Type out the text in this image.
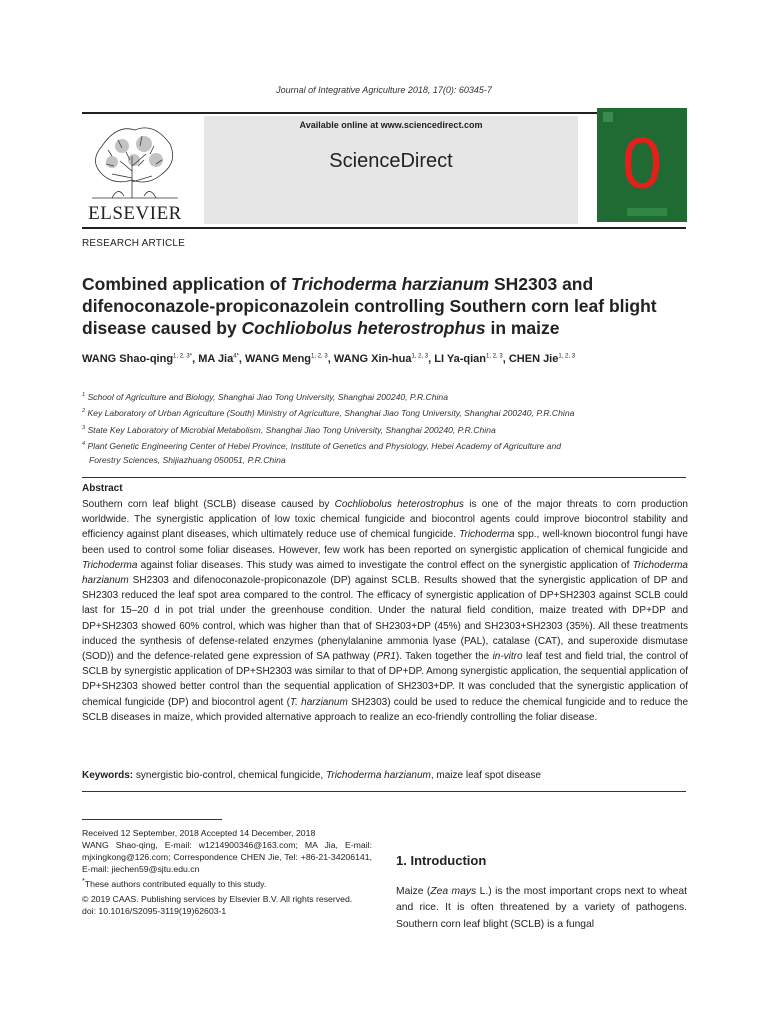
Journal of Integrative Agriculture 2018, 17(0): 60345-7
ELSEVIER
Available online at www.sciencedirect.com
ScienceDirect	0
RESEARCH ARTICLE
Combined application of Trichoderma harzianum SH2303 and difenoconazole-propiconazolein controlling Southern corn leaf blight disease caused by Cochliobolus heterostrophus in maize
WANG Shao-qing$^{1, 2, 3*}$, MA Jia$^{4*}$, WANG Meng$^{1, 2, 3}$, WANG Xin-hua$^{1, 2, 3}$, LI Ya-qian$^{1, 2, 3}$, CHEN Jie$^{1, 2, 3}$
$^1$ School of Agriculture and Biology, Shanghai Jiao Tong University, Shanghai 200240, P.R.China
$^2$ Key Laboratory of Urban Agriculture (South) Ministry of Agriculture, Shanghai Jiao Tong University, Shanghai 200240, P.R.China
$^3$ State Key Laboratory of Microbial Metabolism, Shanghai Jiao Tong University, Shanghai 200240, P.R.China
$^4$ Plant Genetic Engineering Center of Hebei Province, Institute of Genetics and Physiology, Hebei Academy of Agriculture and
Forestry Sciences, Shijiazhuang 050051, P.R.China
Abstract
Southern corn leaf blight (SCLB) disease caused by Cochliobolus heterostrophus is one of the major threats to corn production worldwide. The synergistic application of low toxic chemical fungicide and biocontrol agents could improve biocontrol stability and efficiency against plant diseases, which ultimately reduce use of chemical fungicide. Trichoderma spp., well-known biocontrol fungi have been used to control some foliar diseases. However, few work has been reported on synergistic application of chemical fungicide and Trichoderma against foliar diseases. This study was aimed to investigate the control effect on the synergistic application of Trichoderma harzianum SH2303 and difenoconazole-propiconazole (DP) against SCLB. Results showed that the synergistic application of DP and SH2303 reduced the leaf spot area compared to the control. The efficacy of synergistic application of DP+SH2303 against SCLB could last for 15–20 d in pot trial under the greenhouse condition. Under the natural field condition, maize treated with DP+DP and DP+SH2303 showed 60% control, which was higher than that of SH2303+DP (45%) and SH2303+SH2303 (35%). All these treatments induced the synthesis of defense-related enzymes (phenylalanine ammonia lyase (PAL), catalase (CAT), and superoxide dismutase (SOD)) and the defence-related gene expression of SA pathway (PR1). Taken together the in-vitro leaf test and field trial, the control of SCLB by synergistic application of DP+SH2303 was similar to that of DP+DP. Among synergistic application, the sequential application of DP+SH2303 showed better control than the sequential application of SH2303+DP. It was concluded that the synergistic application of chemical fungicide (DP) and biocontrol agent (T. harzianum SH2303) could be used to reduce the chemical fungicide and to reduce the SCLB diseases in maize, which provided alternative approach to realize an eco-friendly controlling the foliar disease.
Keywords: synergistic bio-control, chemical fungicide, Trichoderma harzianum, maize leaf spot disease
Received 12 September, 2018 Accepted 14 December, 2018
WANG Shao-qing, E-mail: w1214900346@163.com; MA Jia, E-mail: mjxingkong@126.com; Correspondence CHEN Jie, Tel: +86-21-34206141, E-mail: jiechen59@sjtu.edu.cn
*These authors contributed equally to this study.
© 2019 CAAS. Publishing services by Elsevier B.V. All rights reserved.
doi: 10.1016/S2095-3119(19)62603-1
1. Introduction
Maize (Zea mays L.) is the most important crops next to wheat and rice. It is often threatened by a variety of pathogens. Southern corn leaf blight (SCLB) is a fungal
